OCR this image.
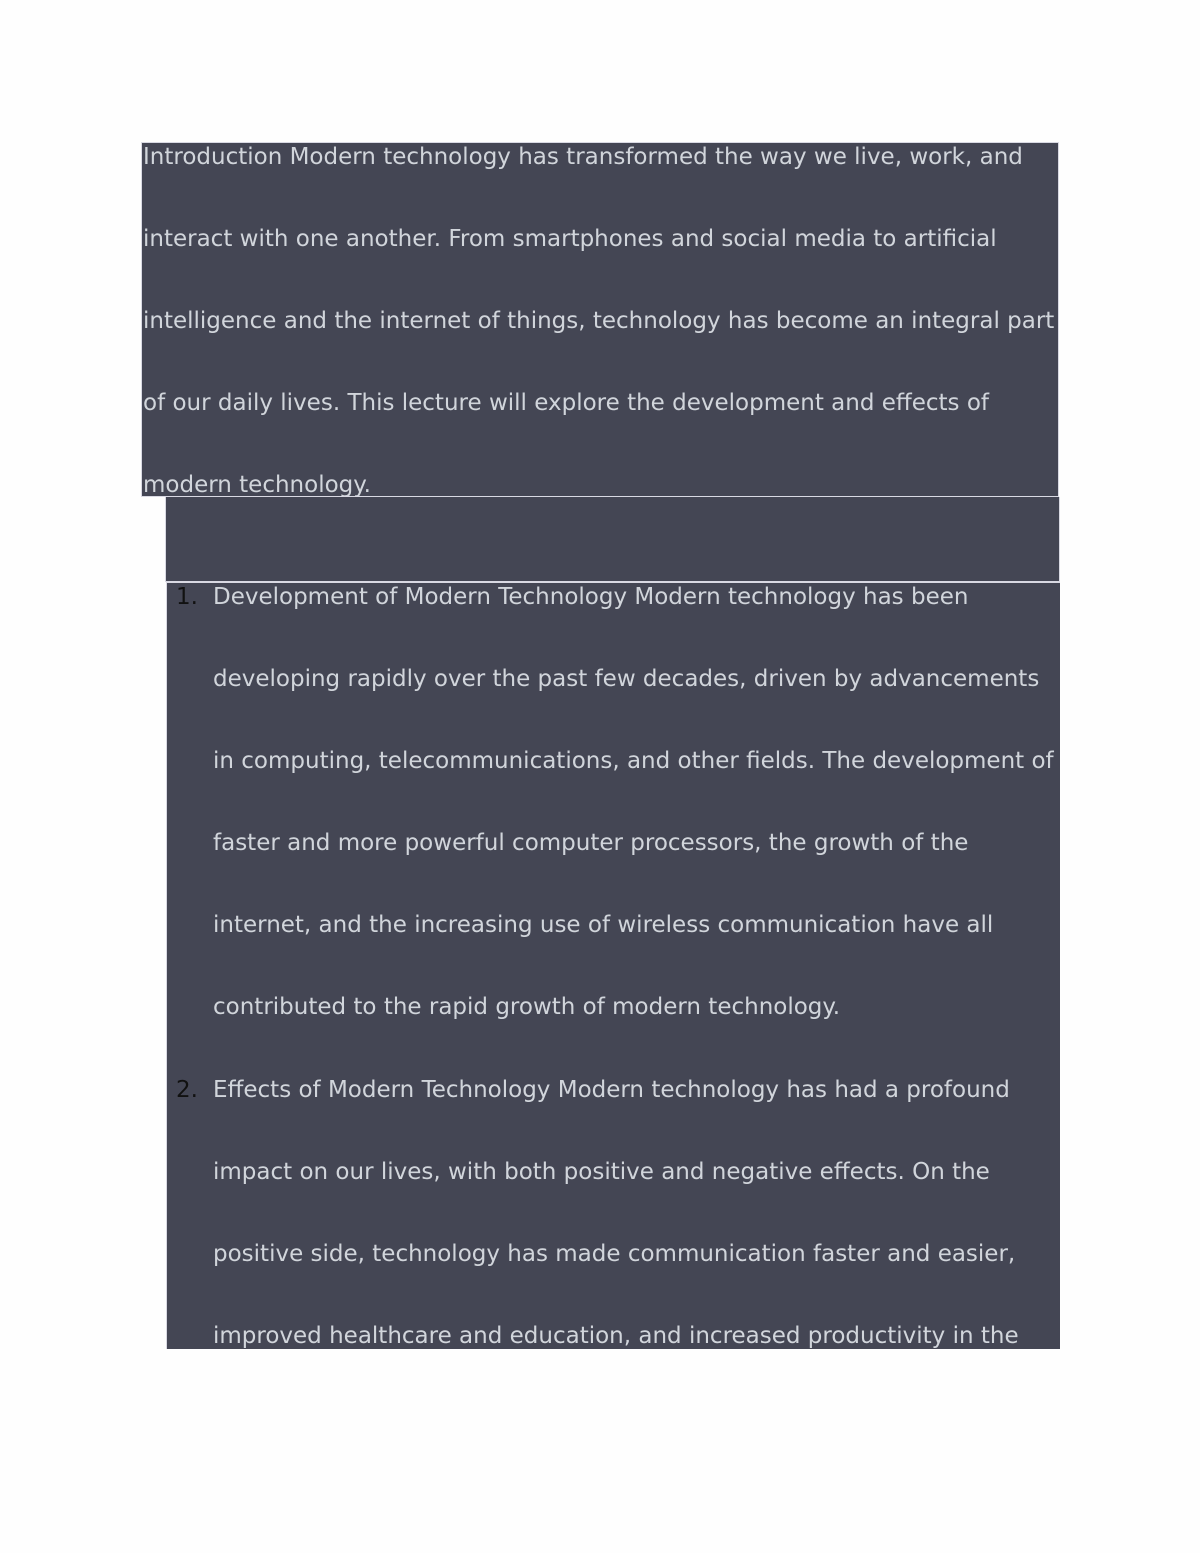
Introduction Modern technology has transformed the way we live, work, and interact with one another. From smartphones and social media to artificial intelligence and the internet of things, technology has become an integral part of our daily lives. This lecture will explore the development and effects of modern technology.

1. Development of Modern Technology Modern technology has been developing rapidly over the past few decades, driven by advancements in computing, telecommunications, and other fields. The development of faster and more powerful computer processors, the growth of the internet, and the increasing use of wireless communication have all contributed to the rapid growth of modern technology.

2. Effects of Modern Technology Modern technology has had a profound impact on our lives, with both positive and negative effects. On the positive side, technology has made communication faster and easier, improved healthcare and education, and increased productivity in the
